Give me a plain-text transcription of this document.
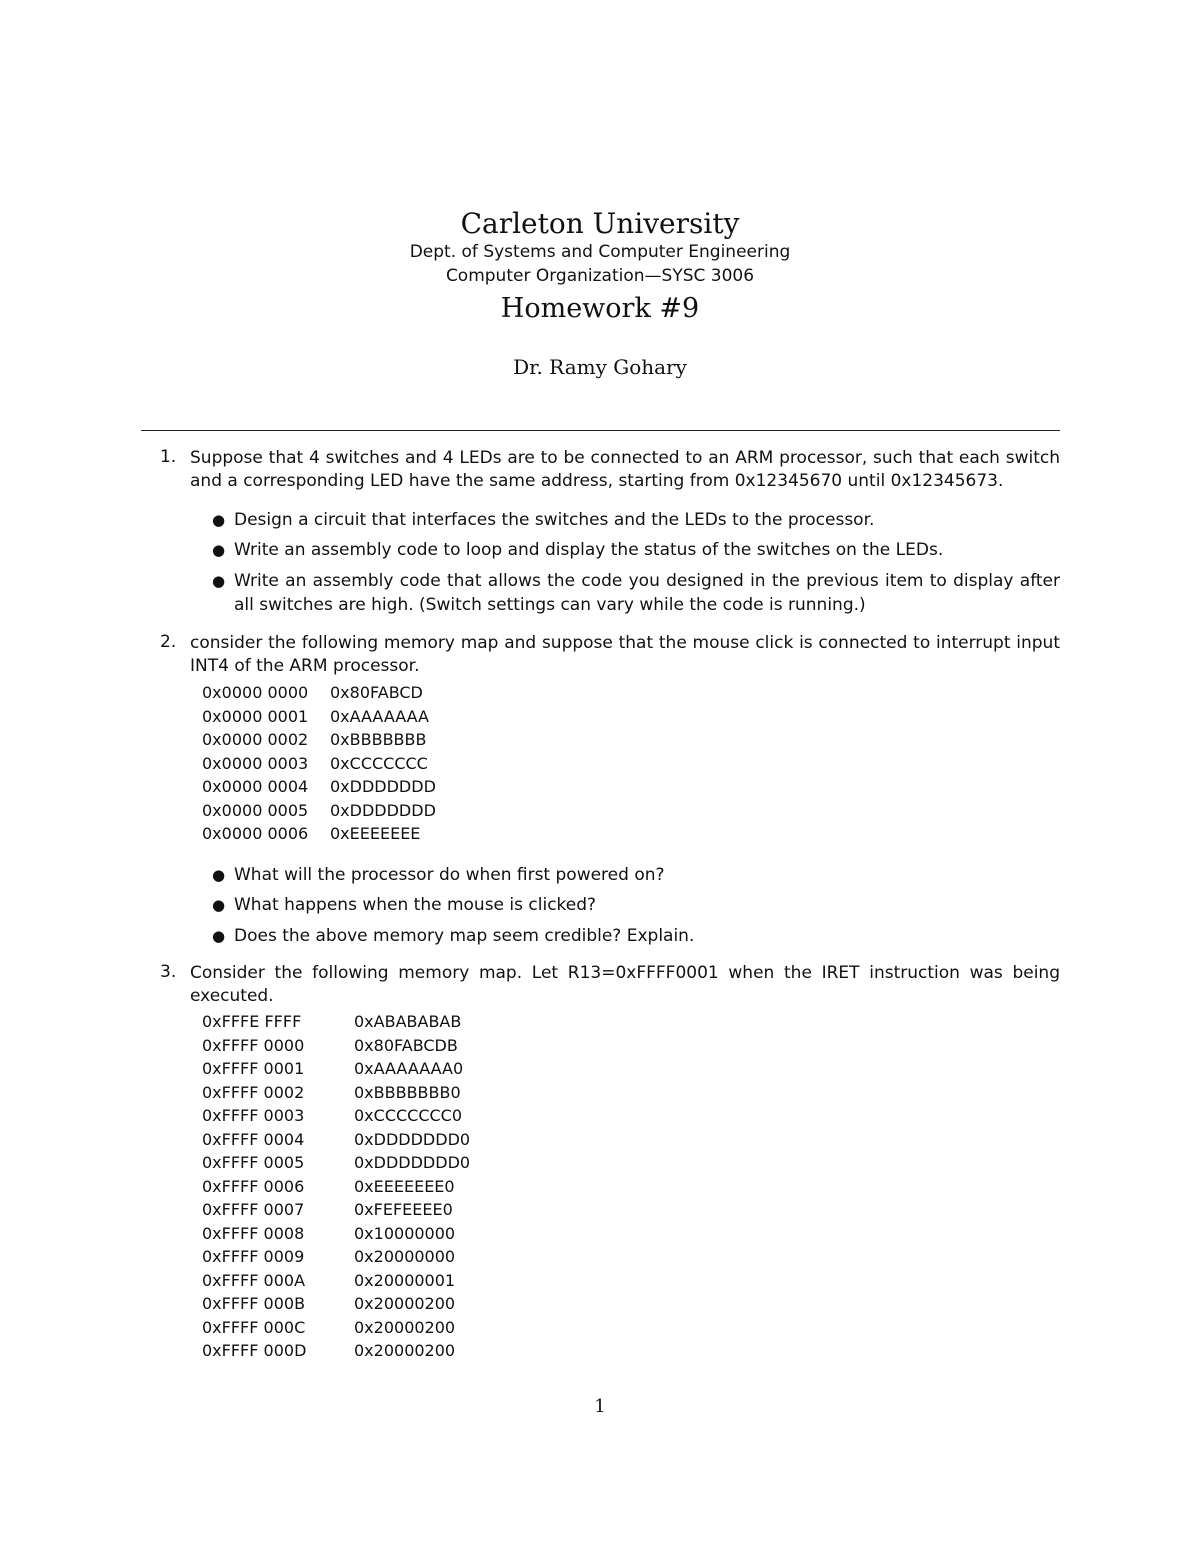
Carleton University
Dept. of Systems and Computer Engineering
Computer Organization—SYSC 3006
Homework #9
Dr. Ramy Gohary
1. Suppose that 4 switches and 4 LEDs are to be connected to an ARM processor, such that each switch and a corresponding LED have the same address, starting from 0x12345670 until 0x12345673.
● Design a circuit that interfaces the switches and the LEDs to the processor.
● Write an assembly code to loop and display the status of the switches on the LEDs.
● Write an assembly code that allows the code you designed in the previous item to display after all switches are high. (Switch settings can vary while the code is running.)
2. consider the following memory map and suppose that the mouse click is connected to interrupt input INT4 of the ARM processor.
0x0000 0000 0x80FABCD
0x0000 0001 0xAAAAAAA
0x0000 0002 0xBBBBBBB
0x0000 0003 0xCCCCCCC
0x0000 0004 0xDDDDDDD
0x0000 0005 0xDDDDDDD
0x0000 0006 0xEEEEEEE
● What will the processor do when first powered on?
● What happens when the mouse is clicked?
● Does the above memory map seem credible? Explain.
3. Consider the following memory map. Let R13=0xFFFF0001 when the IRET instruction was being executed.
0xFFFE FFFF	0xABABABAB
0xFFFF 0000	0x80FABCDB
0xFFFF 0001	0xAAAAAAA0
0xFFFF 0002	0xBBBBBBB0
0xFFFF 0003	0xCCCCCCC0
0xFFFF 0004	0xDDDDDDD0
0xFFFF 0005	0xDDDDDDD0
0xFFFF 0006	0xEEEEEEE0
0xFFFF 0007	0xFEFEEEE0
0xFFFF 0008	0x10000000
0xFFFF 0009	0x20000000
0xFFFF 000A	0x20000001
0xFFFF 000B	0x20000200
0xFFFF 000C	0x20000200
0xFFFF 000D	0x20000200
1
